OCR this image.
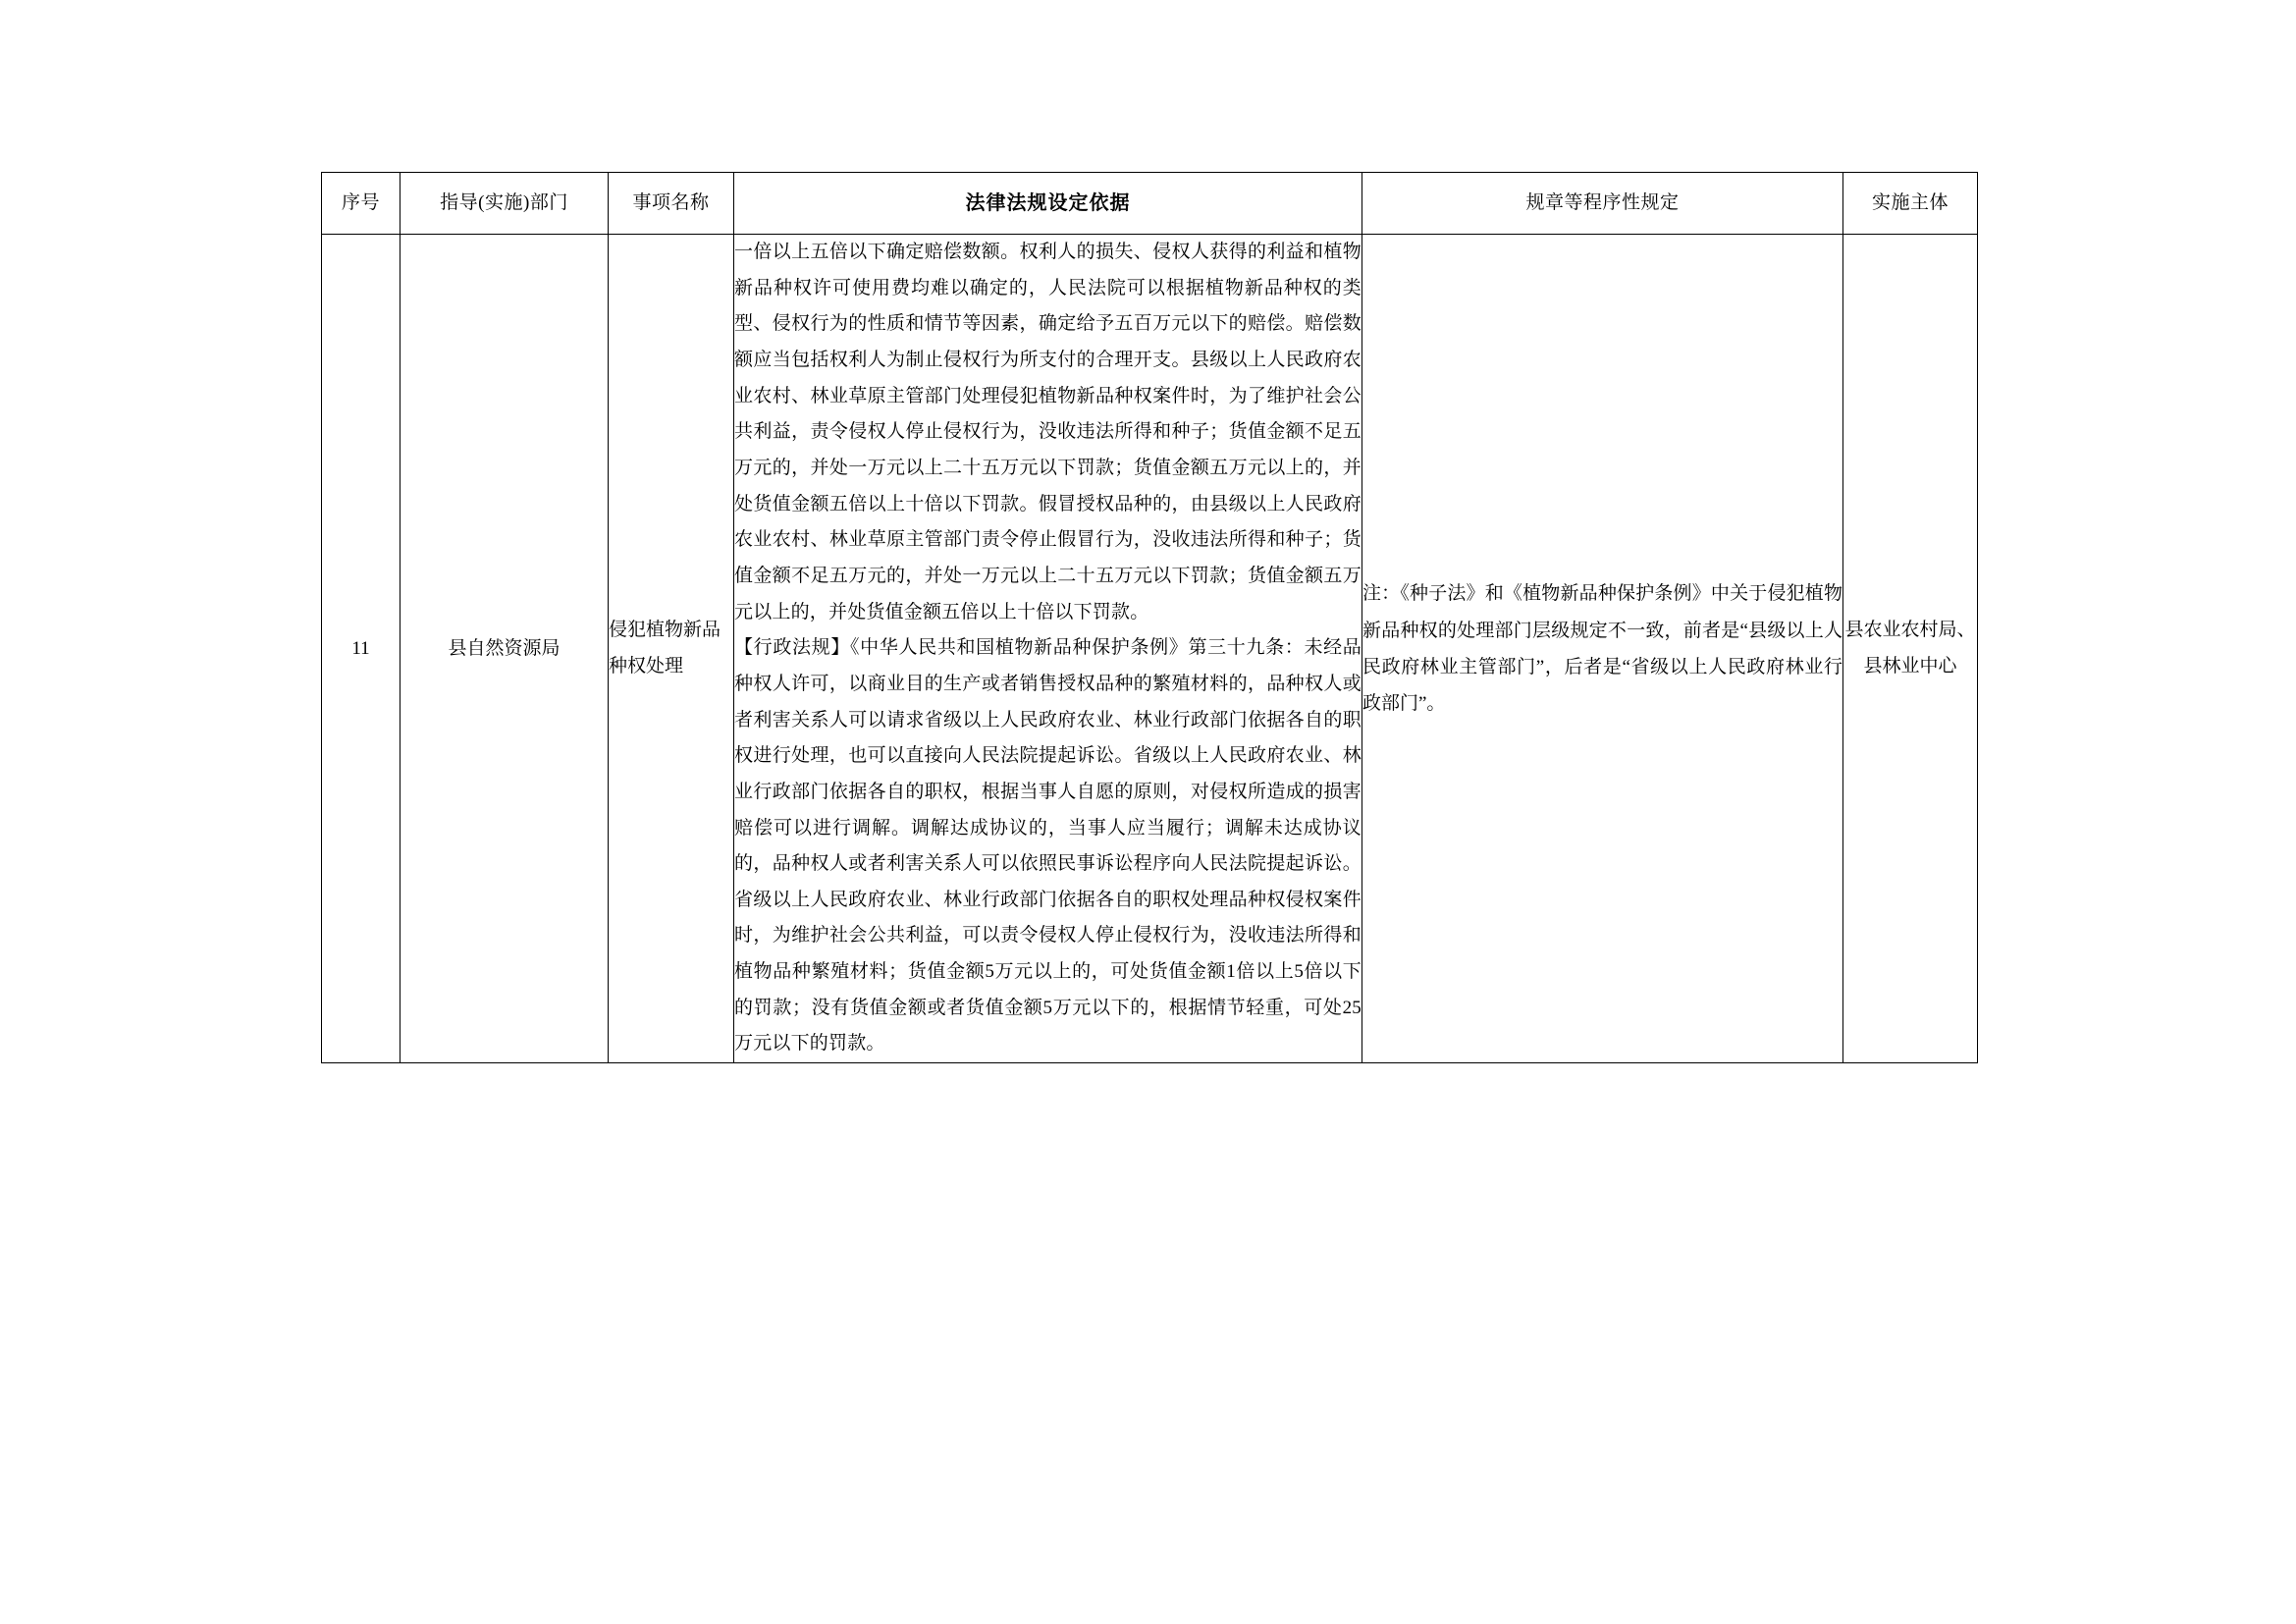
序号	指导(实施)部门	事项名称	法律法规设定依据	规章等程序性规定	实施主体
11	县自然资源局	侵犯植物新品种权处理	一倍以上五倍以下确定赔偿数额。权利人的损失、侵权人获得的利益和植物新品种权许可使用费均难以确定的，人民法院可以根据植物新品种权的类型、侵权行为的性质和情节等因素，确定给予五百万元以下的赔偿。赔偿数额应当包括权利人为制止侵权行为所支付的合理开支。县级以上人民政府农业农村、林业草原主管部门处理侵犯植物新品种权案件时，为了维护社会公共利益，责令侵权人停止侵权行为，没收违法所得和种子；货值金额不足五万元的，并处一万元以上二十五万元以下罚款；货值金额五万元以上的，并处货值金额五倍以上十倍以下罚款。假冒授权品种的，由县级以上人民政府农业农村、林业草原主管部门责令停止假冒行为，没收违法所得和种子；货值金额不足五万元的，并处一万元以上二十五万元以下罚款；货值金额五万元以上的，并处货值金额五倍以上十倍以下罚款。

【行政法规】《中华人民共和国植物新品种保护条例》第三十九条：未经品种权人许可，以商业目的生产或者销售授权品种的繁殖材料的，品种权人或者利害关系人可以请求省级以上人民政府农业、林业行政部门依据各自的职权进行处理，也可以直接向人民法院提起诉讼。省级以上人民政府农业、林业行政部门依据各自的职权，根据当事人自愿的原则，对侵权所造成的损害赔偿可以进行调解。调解达成协议的，当事人应当履行；调解未达成协议的，品种权人或者利害关系人可以依照民事诉讼程序向人民法院提起诉讼。省级以上人民政府农业、林业行政部门依据各自的职权处理品种权侵权案件时，为维护社会公共利益，可以责令侵权人停止侵权行为，没收违法所得和植物品种繁殖材料；货值金额5万元以上的，可处货值金额1倍以上5倍以下的罚款；没有货值金额或者货值金额5万元以下的，根据情节轻重，可处25万元以下的罚款。	注：《种子法》和《植物新品种保护条例》中关于侵犯植物新品种权的处理部门层级规定不一致，前者是“县级以上人民政府林业主管部门”，后者是“省级以上人民政府林业行政部门”。	县农业农村局、县林业中心
